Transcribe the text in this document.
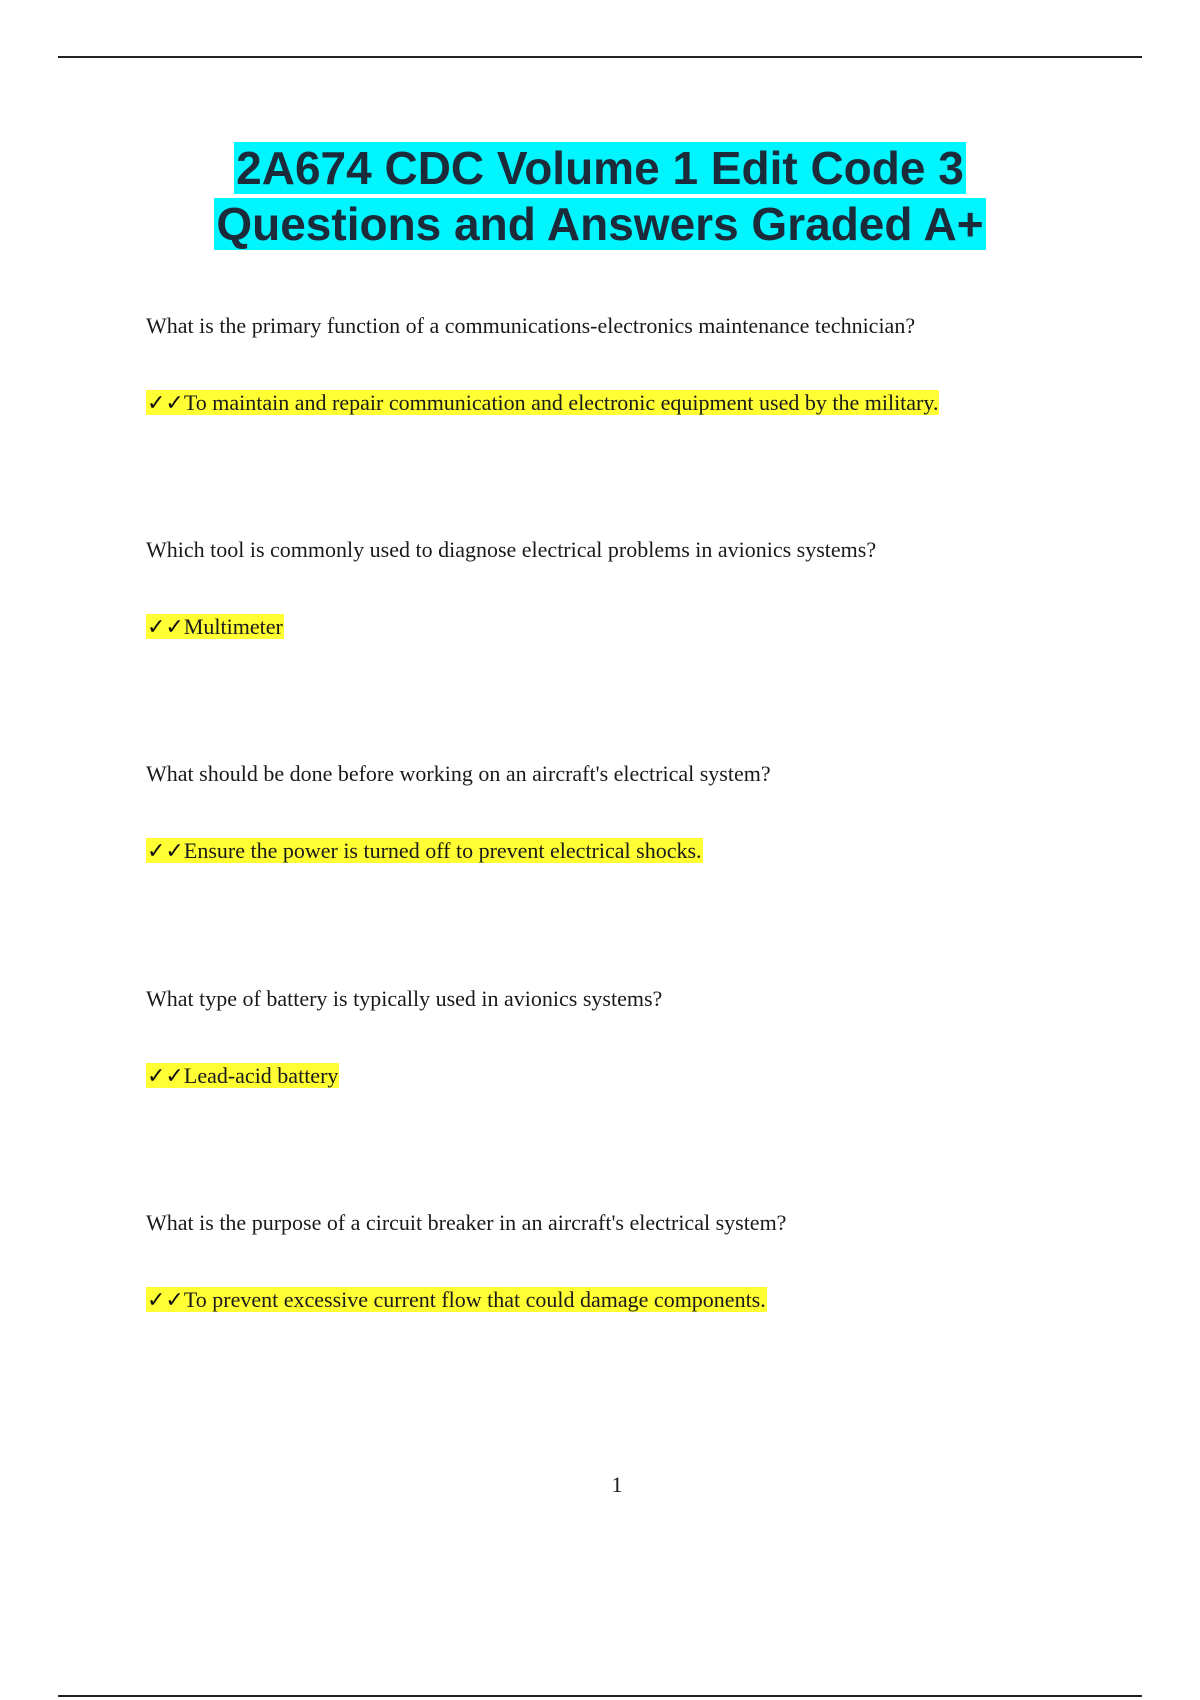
2A674 CDC Volume 1 Edit Code 3
Questions and Answers Graded A+
What is the primary function of a communications-electronics maintenance technician?
✓✓To maintain and repair communication and electronic equipment used by the military.
Which tool is commonly used to diagnose electrical problems in avionics systems?
✓✓Multimeter
What should be done before working on an aircraft's electrical system?
✓✓Ensure the power is turned off to prevent electrical shocks.
What type of battery is typically used in avionics systems?
✓✓Lead-acid battery
What is the purpose of a circuit breaker in an aircraft's electrical system?
✓✓To prevent excessive current flow that could damage components.
1
